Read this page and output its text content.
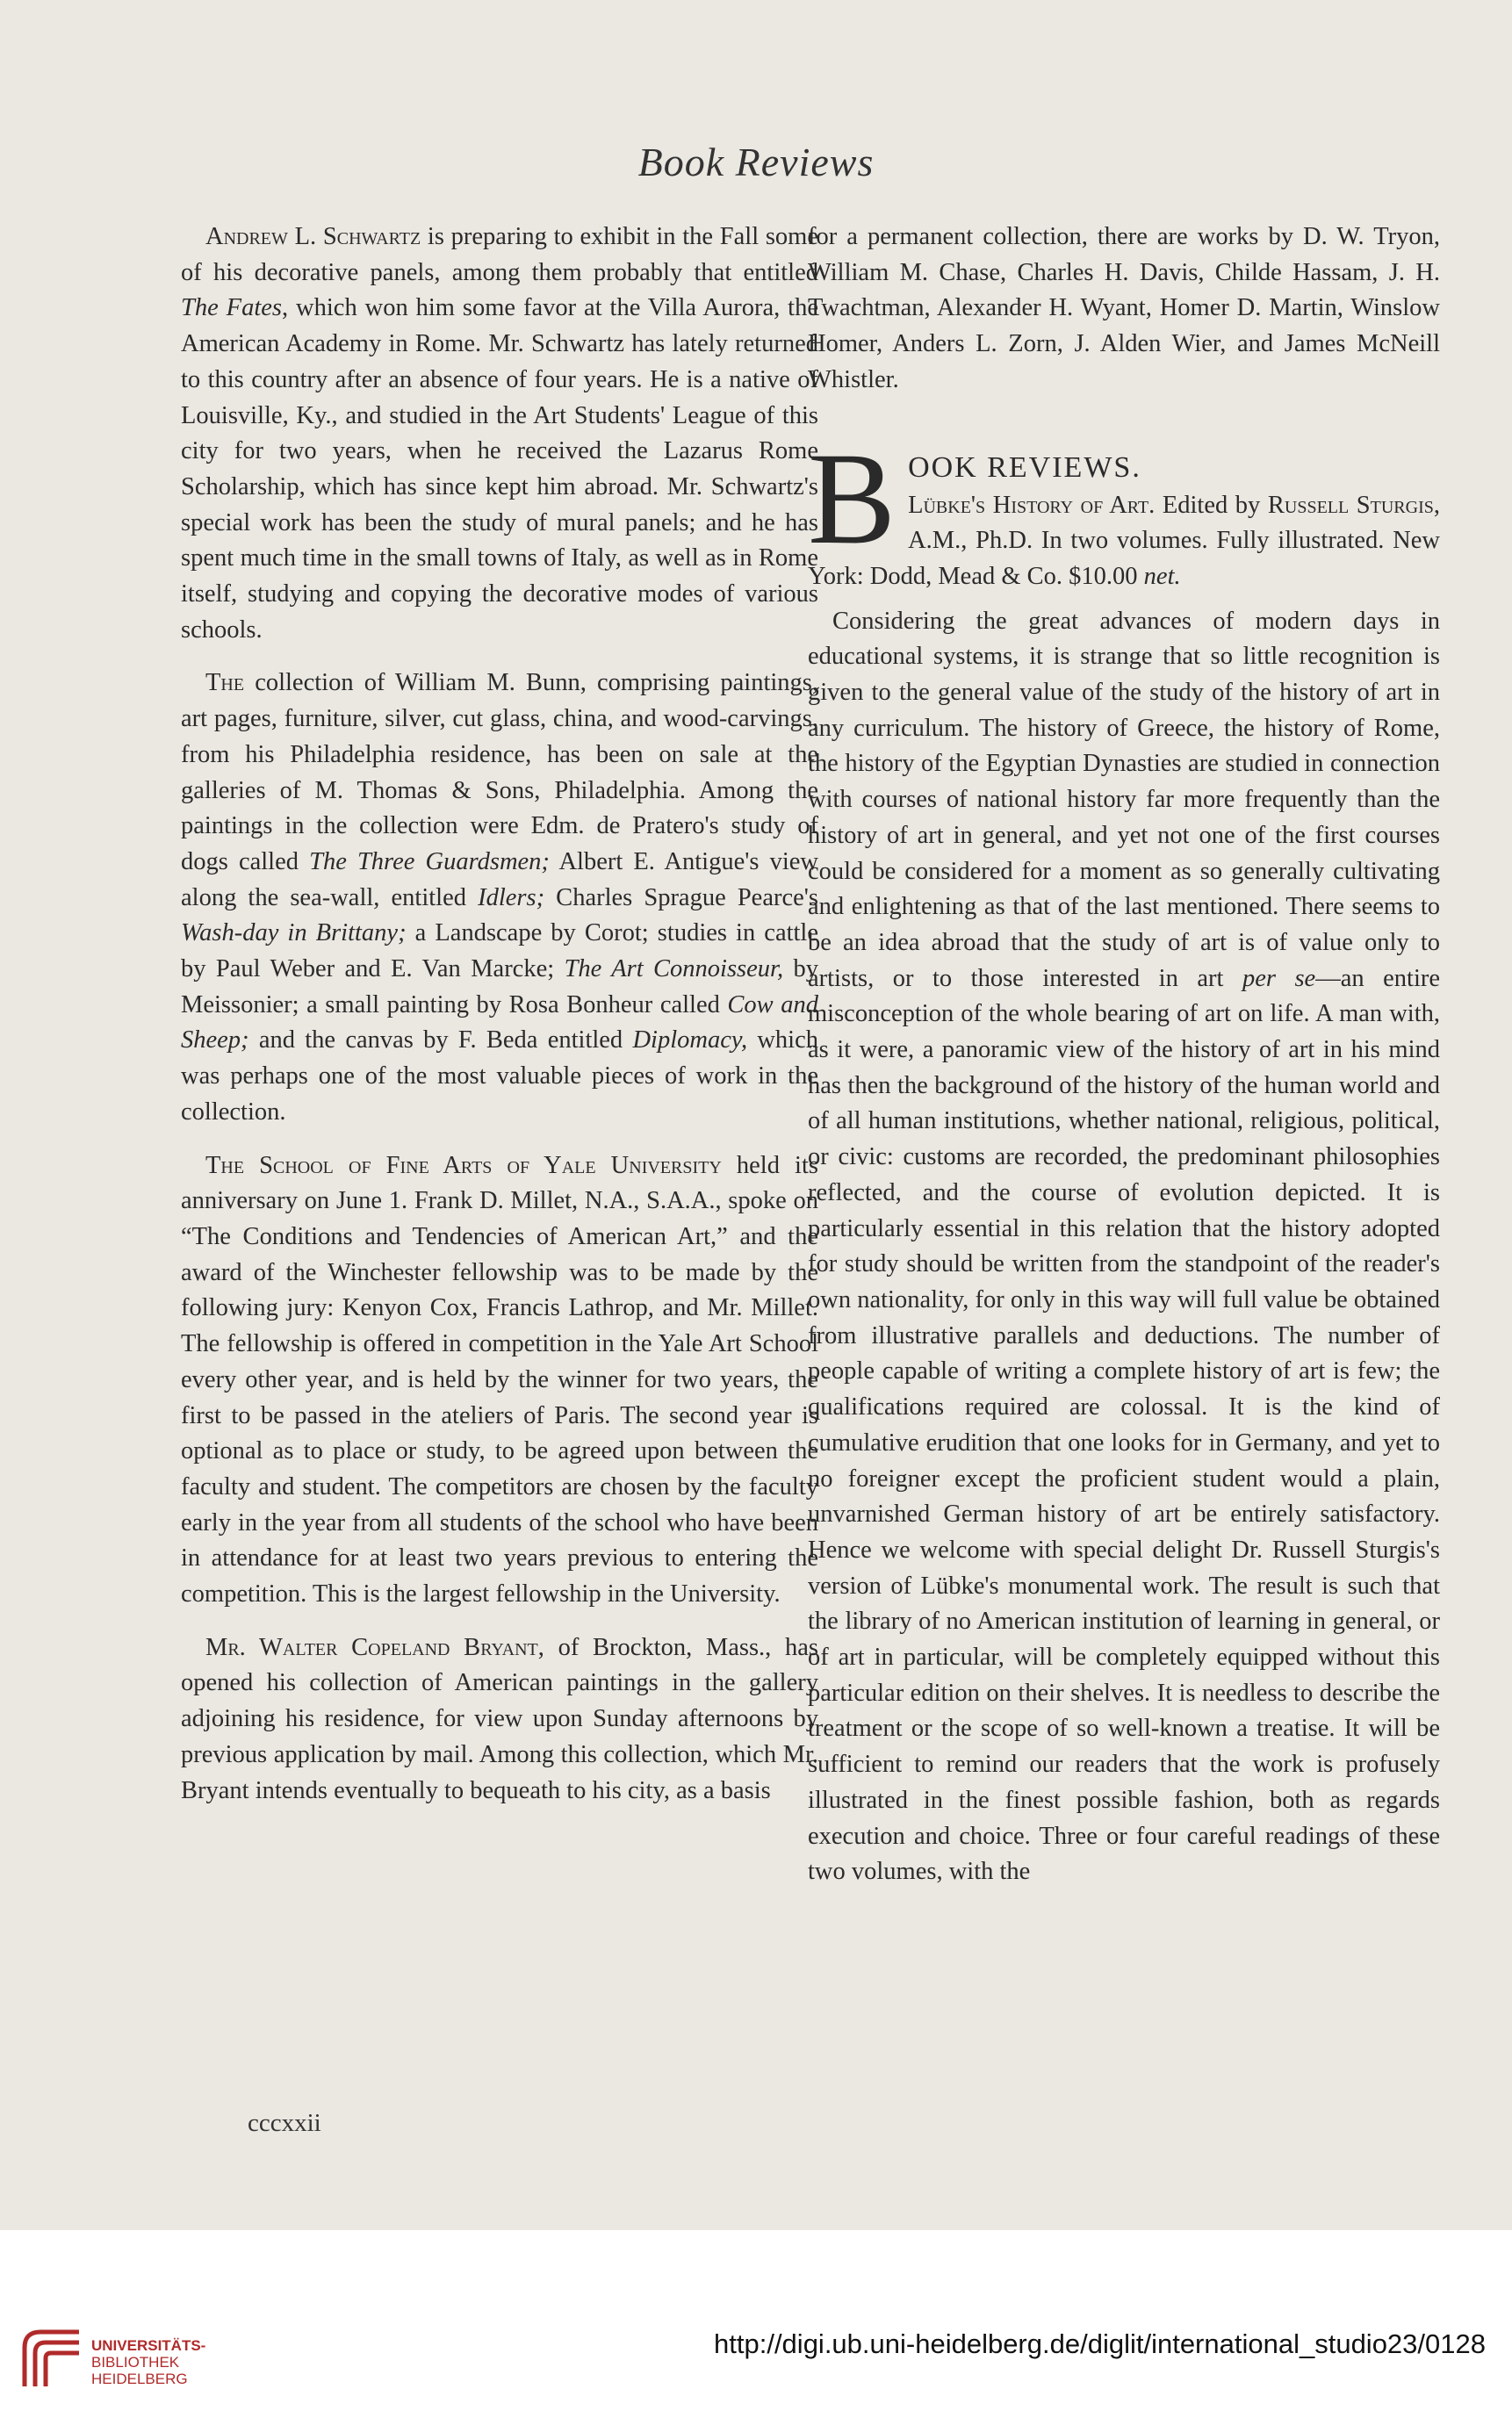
Book Reviews

Andrew L. Schwartz is preparing to exhibit in the Fall some of his decorative panels, among them probably that entitled The Fates, which won him some favor at the Villa Aurora, the American Academy in Rome. Mr. Schwartz has lately returned to this country after an absence of four years. He is a native of Louisville, Ky., and studied in the Art Students' League of this city for two years, when he received the Lazarus Rome Scholarship, which has since kept him abroad. Mr. Schwartz's special work has been the study of mural panels; and he has spent much time in the small towns of Italy, as well as in Rome itself, studying and copying the decorative modes of various schools.

The collection of William M. Bunn, comprising paintings, art pages, furniture, silver, cut glass, china, and wood-carvings, from his Philadelphia residence, has been on sale at the galleries of M. Thomas & Sons, Philadelphia. Among the paintings in the collection were Edm. de Pratero's study of dogs called The Three Guardsmen; Albert E. Antigue's view along the sea-wall, entitled Idlers; Charles Sprague Pearce's Wash-day in Brittany; a Landscape by Corot; studies in cattle by Paul Weber and E. Van Marcke; The Art Connoisseur, by Meissonier; a small painting by Rosa Bonheur called Cow and Sheep; and the canvas by F. Beda entitled Diplomacy, which was perhaps one of the most valuable pieces of work in the collection.

The School of Fine Arts of Yale University held its anniversary on June 1. Frank D. Millet, N.A., S.A.A., spoke on “The Conditions and Tendencies of American Art,” and the award of the Winchester fellowship was to be made by the following jury: Kenyon Cox, Francis Lathrop, and Mr. Millet. The fellowship is offered in competition in the Yale Art School every other year, and is held by the winner for two years, the first to be passed in the ateliers of Paris. The second year is optional as to place or study, to be agreed upon between the faculty and student. The competitors are chosen by the faculty early in the year from all students of the school who have been in attendance for at least two years previous to entering the competition. This is the largest fellowship in the University.

Mr. Walter Copeland Bryant, of Brockton, Mass., has opened his collection of American paintings in the gallery adjoining his residence, for view upon Sunday afternoons by previous application by mail. Among this collection, which Mr. Bryant intends eventually to bequeath to his city, as a basis

cccxxii

for a permanent collection, there are works by D. W. Tryon, William M. Chase, Charles H. Davis, Childe Hassam, J. H. Twachtman, Alexander H. Wyant, Homer D. Martin, Winslow Homer, Anders L. Zorn, J. Alden Wier, and James McNeill Whistler.

B OOK REVIEWS.

Lübke's History of Art. Edited by Russell Sturgis, A.M., Ph.D. In two volumes. Fully illustrated. New York: Dodd, Mead & Co. $10.00 net.

Considering the great advances of modern days in educational systems, it is strange that so little recognition is given to the general value of the study of the history of art in any curriculum. The history of Greece, the history of Rome, the history of the Egyptian Dynasties are studied in connection with courses of national history far more frequently than the history of art in general, and yet not one of the first courses could be considered for a moment as so generally cultivating and enlightening as that of the last mentioned. There seems to be an idea abroad that the study of art is of value only to artists, or to those interested in art per se—an entire misconception of the whole bearing of art on life. A man with, as it were, a panoramic view of the history of art in his mind has then the background of the history of the human world and of all human institutions, whether national, religious, political, or civic: customs are recorded, the predominant philosophies reflected, and the course of evolution depicted. It is particularly essential in this relation that the history adopted for study should be written from the standpoint of the reader's own nationality, for only in this way will full value be obtained from illustrative parallels and deductions. The number of people capable of writing a complete history of art is few; the qualifications required are colossal. It is the kind of cumulative erudition that one looks for in Germany, and yet to no foreigner except the proficient student would a plain, unvarnished German history of art be entirely satisfactory. Hence we welcome with special delight Dr. Russell Sturgis's version of Lübke's monumental work. The result is such that the library of no American institution of learning in general, or of art in particular, will be completely equipped without this particular edition on their shelves. It is needless to describe the treatment or the scope of so well-known a treatise. It will be sufficient to remind our readers that the work is profusely illustrated in the finest possible fashion, both as regards execution and choice. Three or four careful readings of these two volumes, with the

UNIVERSITÄTS-
BIBLIOTHEK
HEIDELBERG
http://digi.ub.uni-heidelberg.de/diglit/international_studio23/0128
